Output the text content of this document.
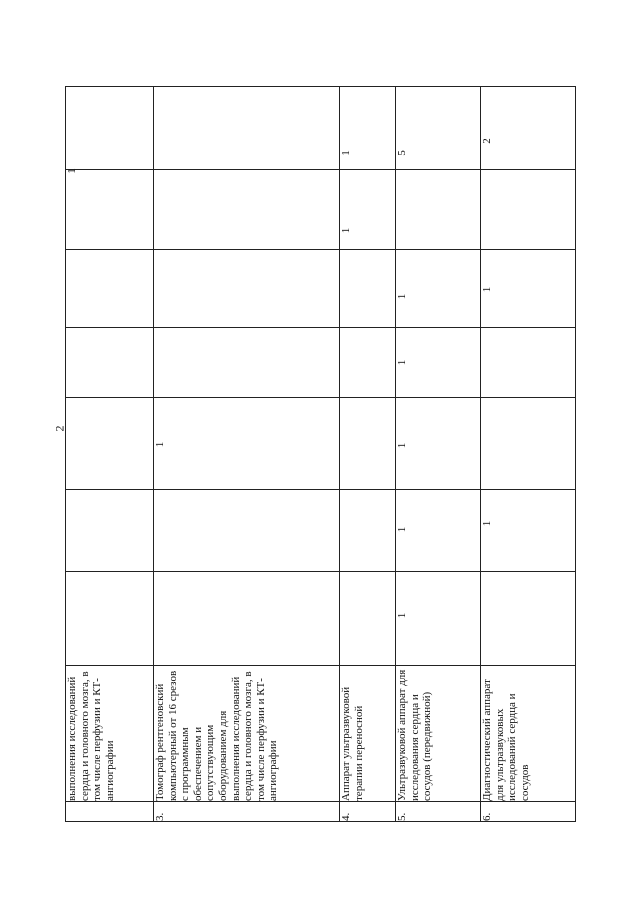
2
	выполнения исследований сердца и головного мозга, в том числе перфузии и КТ-ангиографии							1
3.	Томограф рентгеновский компьютерный от 16 срезов с программным обеспечением и сопутствующим оборудованием для выполнения исследований сердца и головного мозга, в том числе перфузии и КТ-ангиографии			1				
4.	Аппарат ультразвуковой терапии переносной						1	1
5.	Ультразвуковой аппарат для исследования сердца и сосудов (передвижной)	1	1	1	1	1		5
6.	Диагностический аппарат для ультразвуковых исследований сердца и сосудов		1			1		2
